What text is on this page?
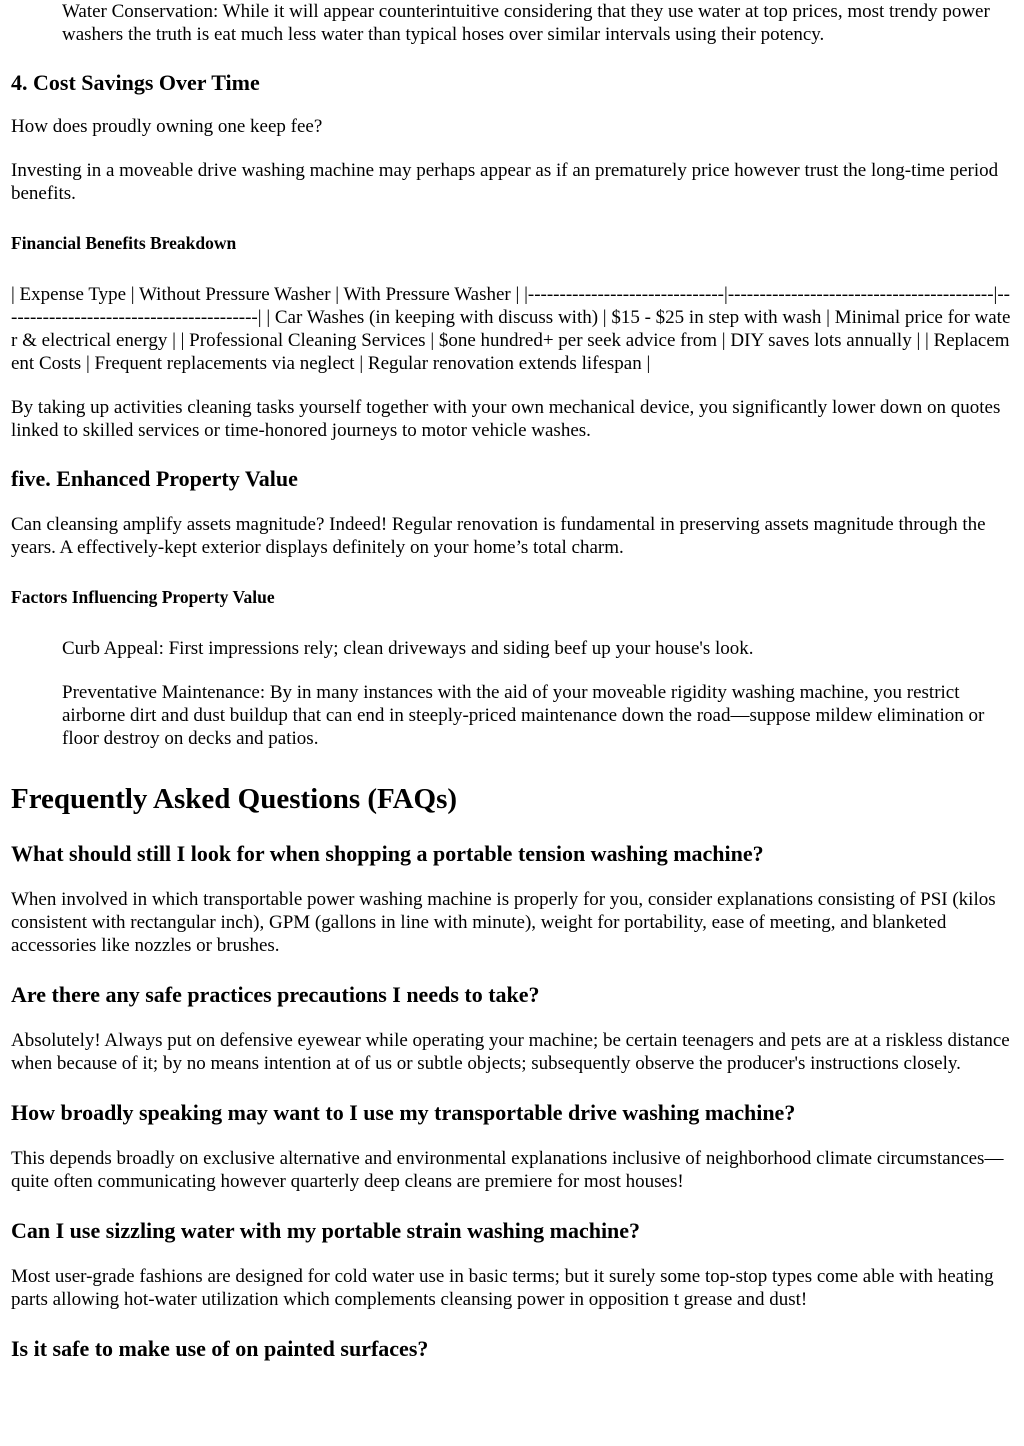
Water Conservation: While it will appear counterintuitive considering that they use water at top prices, most trendy power washers the truth is eat much less water than typical hoses over similar intervals using their potency.

4. Cost Savings Over Time

How does proudly owning one keep fee?

Investing in a moveable drive washing machine may perhaps appear as if an prematurely price however trust the long-time period benefits.

Financial Benefits Breakdown

| Expense Type | Without Pressure Washer | With Pressure Washer | |-------------------------------|------------------------------------------|-----------------------------------------| | Car Washes (in keeping with discuss with) | $15 - $25 in step with wash | Minimal price for water & electrical energy | | Professional Cleaning Services | $one hundred+ per seek advice from | DIY saves lots annually | | Replacement Costs | Frequent replacements via neglect | Regular renovation extends lifespan |

By taking up activities cleaning tasks yourself together with your own mechanical device, you significantly lower down on quotes linked to skilled services or time-honored journeys to motor vehicle washes.

five. Enhanced Property Value

Can cleansing amplify assets magnitude? Indeed! Regular renovation is fundamental in preserving assets magnitude through the years. A effectively-kept exterior displays definitely on your home’s total charm.

Factors Influencing Property Value

Curb Appeal: First impressions rely; clean driveways and siding beef up your house's look.

Preventative Maintenance: By in many instances with the aid of your moveable rigidity washing machine, you restrict airborne dirt and dust buildup that can end in steeply-priced maintenance down the road—suppose mildew elimination or floor destroy on decks and patios.

Frequently Asked Questions (FAQs)

What should still I look for when shopping a portable tension washing machine?

When involved in which transportable power washing machine is properly for you, consider explanations consisting of PSI (kilos consistent with rectangular inch), GPM (gallons in line with minute), weight for portability, ease of meeting, and blanketed accessories like nozzles or brushes.

Are there any safe practices precautions I needs to take?

Absolutely! Always put on defensive eyewear while operating your machine; be certain teenagers and pets are at a riskless distance when because of it; by no means intention at of us or subtle objects; subsequently observe the producer's instructions closely.

How broadly speaking may want to I use my transportable drive washing machine?

This depends broadly on exclusive alternative and environmental explanations inclusive of neighborhood climate circumstances—quite often communicating however quarterly deep cleans are premiere for most houses!

Can I use sizzling water with my portable strain washing machine?

Most user-grade fashions are designed for cold water use in basic terms; but it surely some top-stop types come able with heating parts allowing hot-water utilization which complements cleansing power in opposition t grease and dust!

Is it safe to make use of on painted surfaces?
